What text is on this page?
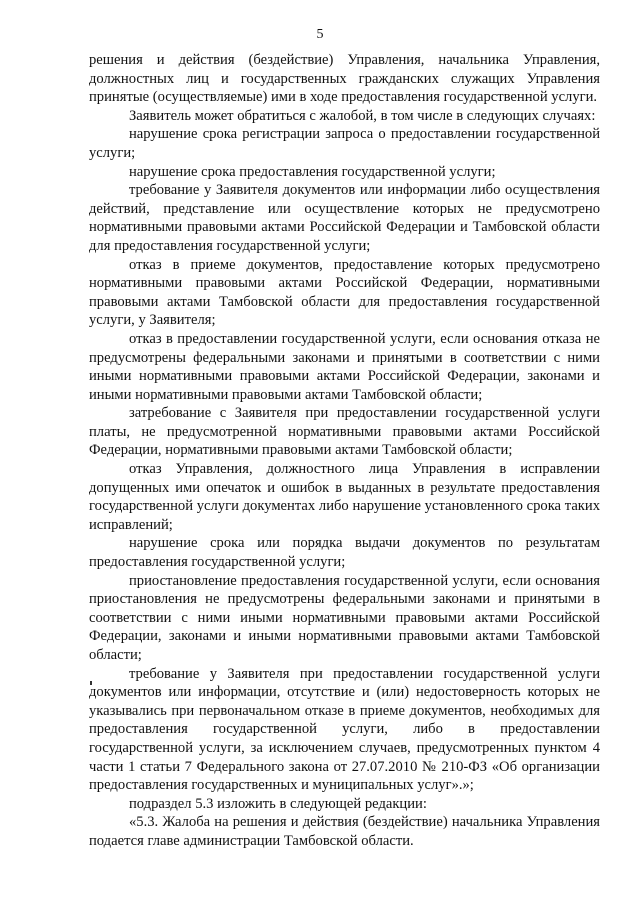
5

решения и действия (бездействие) Управления, начальника Управления, должностных лиц и государственных гражданских служащих Управления принятые (осуществляемые) ими в ходе предоставления государственной услуги.

Заявитель может обратиться с жалобой, в том числе в следующих случаях:

нарушение срока регистрации запроса о предоставлении государственной услуги;

нарушение срока предоставления государственной услуги;

требование у Заявителя документов или информации либо осуществления действий, представление или осуществление которых не предусмотрено нормативными правовыми актами Российской Федерации и Тамбовской области для предоставления государственной услуги;

отказ в приеме документов, предоставление которых предусмотрено нормативными правовыми актами Российской Федерации, нормативными правовыми актами Тамбовской области для предоставления государственной услуги, у Заявителя;

отказ в предоставлении государственной услуги, если основания отказа не предусмотрены федеральными законами и принятыми в соответствии с ними иными нормативными правовыми актами Российской Федерации, законами и иными нормативными правовыми актами Тамбовской области;

затребование с Заявителя при предоставлении государственной услуги платы, не предусмотренной нормативными правовыми актами Российской Федерации, нормативными правовыми актами Тамбовской области;

отказ Управления, должностного лица Управления в исправлении допущенных ими опечаток и ошибок в выданных в результате предоставления государственной услуги документах либо нарушение установленного срока таких исправлений;

нарушение срока или порядка выдачи документов по результатам предоставления государственной услуги;

приостановление предоставления государственной услуги, если основания приостановления не предусмотрены федеральными законами и принятыми в соответствии с ними иными нормативными правовыми актами Российской Федерации, законами и иными нормативными правовыми актами Тамбовской области;

требование у Заявителя при предоставлении государственной услуги документов или информации, отсутствие и (или) недостоверность которых не указывались при первоначальном отказе в приеме документов, необходимых для предоставления государственной услуги, либо в предоставлении государственной услуги, за исключением случаев, предусмотренных пунктом 4 части 1 статьи 7 Федерального закона от 27.07.2010 № 210-ФЗ «Об организации предоставления государственных и муниципальных услуг».»;

подраздел 5.3 изложить в следующей редакции:

«5.3. Жалоба на решения и действия (бездействие) начальника Управления подается главе администрации Тамбовской области.
